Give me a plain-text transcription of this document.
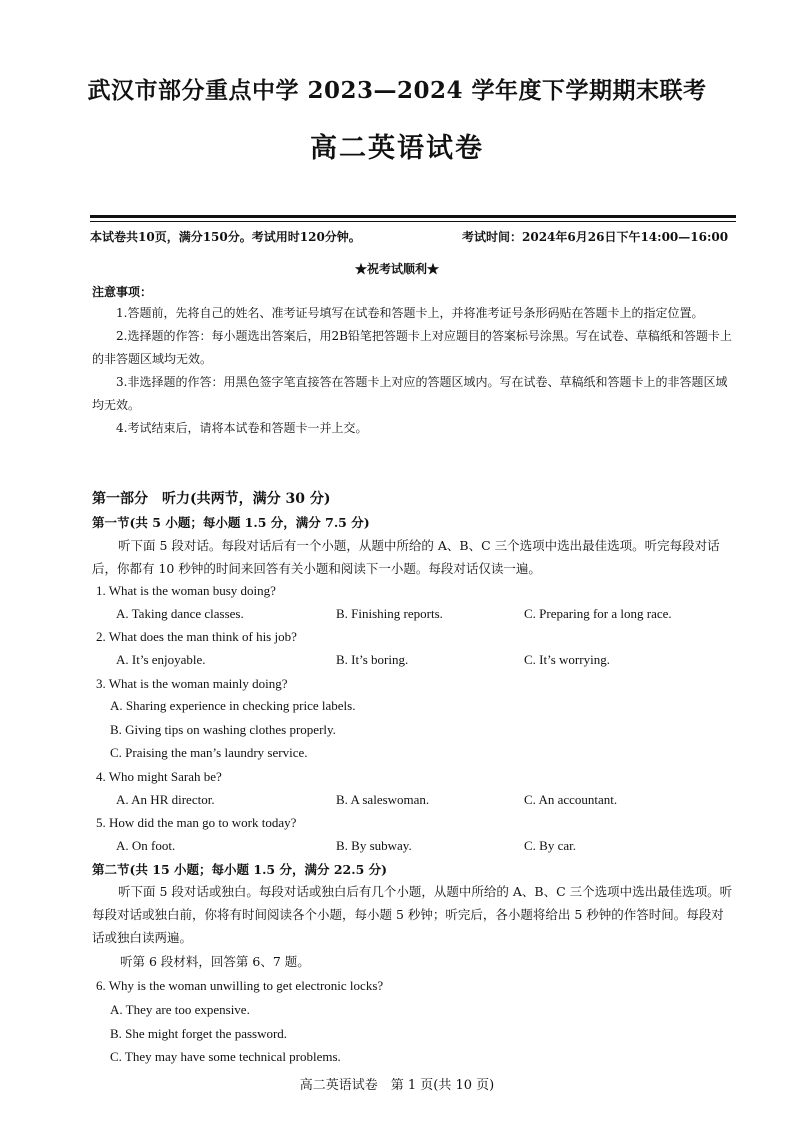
武汉市部分重点中学 2023—2024 学年度下学期期末联考
高二英语试卷
本试卷共10页，满分150分。考试用时120分钟。	考试时间：2024年6月26日下午14:00—16:00
★祝考试顺利★
注意事项：

1.答题前，先将自己的姓名、准考证号填写在试卷和答题卡上，并将准考证号条形码贴在答题卡上的指定位置。

2.选择题的作答：每小题选出答案后，用2B铅笔把答题卡上对应题目的答案标号涂黑。写在试卷、草稿纸和答题卡上的非答题区域均无效。

3.非选择题的作答：用黑色签字笔直接答在答题卡上对应的答题区域内。写在试卷、草稿纸和答题卡上的非答题区域均无效。

4.考试结束后，请将本试卷和答题卡一并上交。

第一部分　听力(共两节，满分 30 分)
第一节(共 5 小题；每小题 1.5 分，满分 7.5 分)
听下面 5 段对话。每段对话后有一个小题，从题中所给的 A、B、C 三个选项中选出最佳选项。听完每段对话后，你都有 10 秒钟的时间来回答有关小题和阅读下一小题。每段对话仅读一遍。
1. What is the woman busy doing?
A. Taking dance classes.	B. Finishing reports.	C. Preparing for a long race.
2. What does the man think of his job?
A. It’s enjoyable.	B. It’s boring.	C. It’s worrying.
3. What is the woman mainly doing?
A. Sharing experience in checking price labels.
B. Giving tips on washing clothes properly.
C. Praising the man’s laundry service.
4. Who might Sarah be?
A. An HR director.	B. A saleswoman.	C. An accountant.
5. How did the man go to work today?
A. On foot.	B. By subway.	C. By car.
第二节(共 15 小题；每小题 1.5 分，满分 22.5 分)
听下面 5 段对话或独白。每段对话或独白后有几个小题，从题中所给的 A、B、C 三个选项中选出最佳选项。听每段对话或独白前，你将有时间阅读各个小题，每小题 5 秒钟；听完后，各小题将给出 5 秒钟的作答时间。每段对话或独白读两遍。
听第 6 段材料，回答第 6、7 题。
6. Why is the woman unwilling to get electronic locks?
A. They are too expensive.
B. She might forget the password.
C. They may have some technical problems.
高二英语试卷　第 1 页(共 10 页)
